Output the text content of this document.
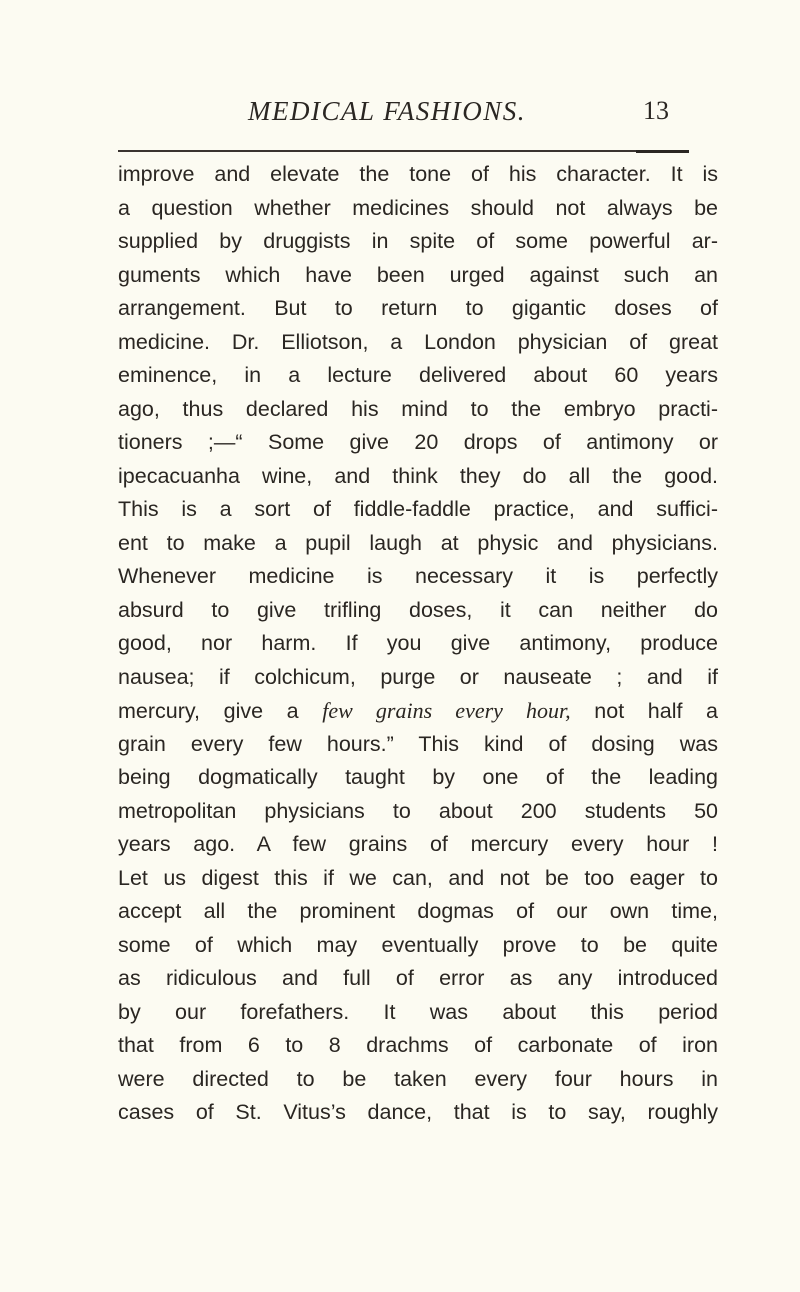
MEDICAL FASHIONS.	13
improve and elevate the tone of his character. It is
a question whether medicines should not always be
supplied by druggists in spite of some powerful ar-
guments which have been urged against such an
arrangement. But to return to gigantic doses of
medicine. Dr. Elliotson, a London physician of great
eminence, in a lecture delivered about 60 years
ago, thus declared his mind to the embryo practi-
tioners ;—“ Some give 20 drops of antimony or
ipecacuanha wine, and think they do all the good.
This is a sort of fiddle-faddle practice, and suffici-
ent to make a pupil laugh at physic and physicians.
Whenever medicine is necessary it is perfectly
absurd to give trifling doses, it can neither do
good, nor harm. If you give antimony, produce
nausea; if colchicum, purge or nauseate ; and if
mercury, give a few grains every hour, not half a
grain every few hours.” This kind of dosing was
being dogmatically taught by one of the leading
metropolitan physicians to about 200 students 50
years ago. A few grains of mercury every hour !
Let us digest this if we can, and not be too eager to
accept all the prominent dogmas of our own time,
some of which may eventually prove to be quite
as ridiculous and full of error as any introduced
by our forefathers. It was about this period
that from 6 to 8 drachms of carbonate of iron
were directed to be taken every four hours in
cases of St. Vitus’s dance, that is to say, roughly
